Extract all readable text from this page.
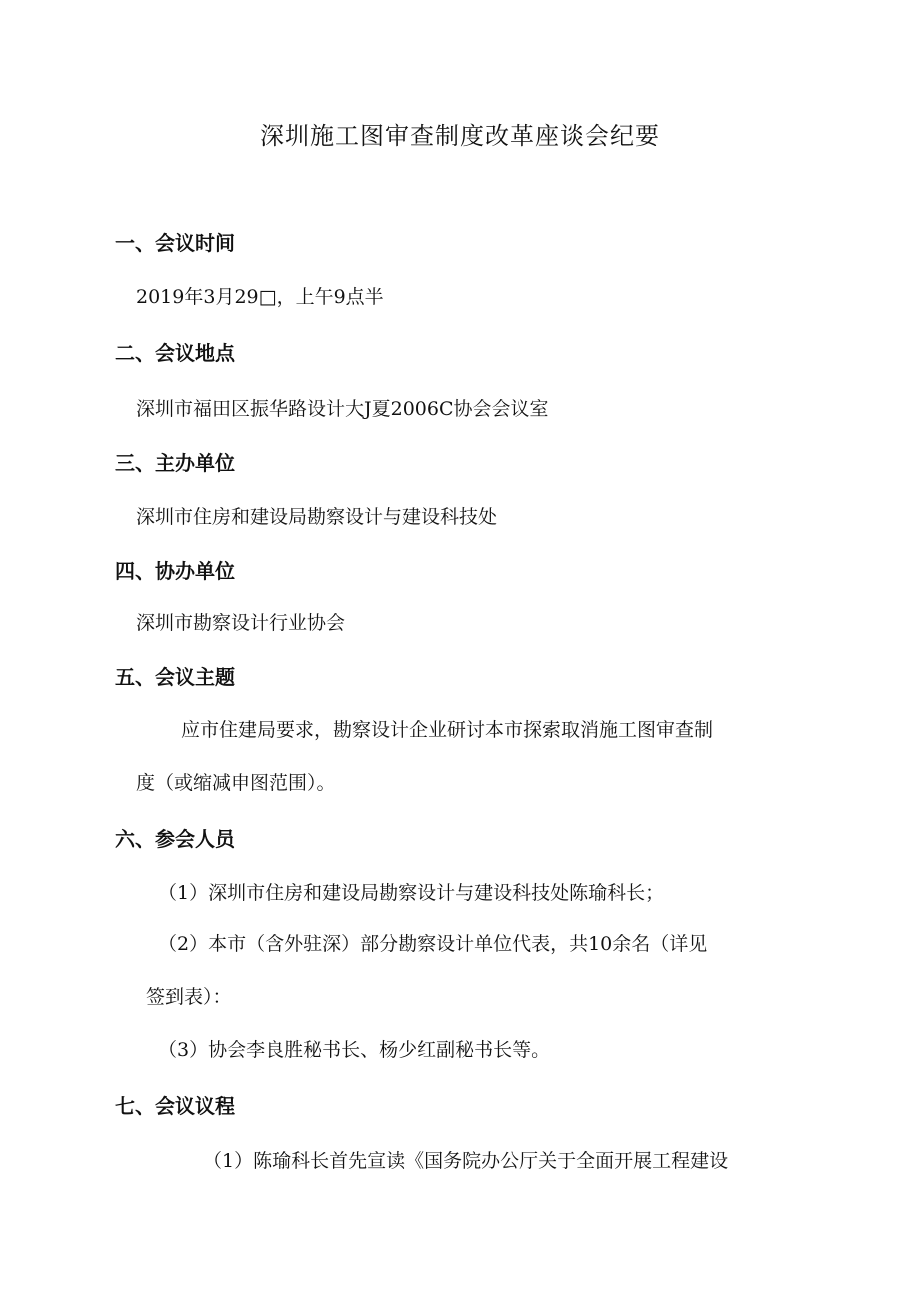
深圳施工图审查制度改革座谈会纪要
一、会议时间
2019年3月29□，上午9点半
二、会议地点
深圳市福田区振华路设计大J夏2006C协会会议室
三、主办单位
深圳市住房和建设局勘察设计与建设科技处
四、协办单位
深圳市勘察设计行业协会
五、会议主题
应市住建局要求，勘察设计企业研讨本市探索取消施工图审查制
度（或缩减申图范围）。
六、参会人员
（1）深圳市住房和建设局勘察设计与建设科技处陈瑜科长；
（2）本市（含外驻深）部分勘察设计单位代表，共10余名（详见
签到表）：
（3）协会李良胜秘书长、杨少红副秘书长等。
七、会议议程
（1）陈瑜科长首先宣读《国务院办公厅关于全面开展工程建设
